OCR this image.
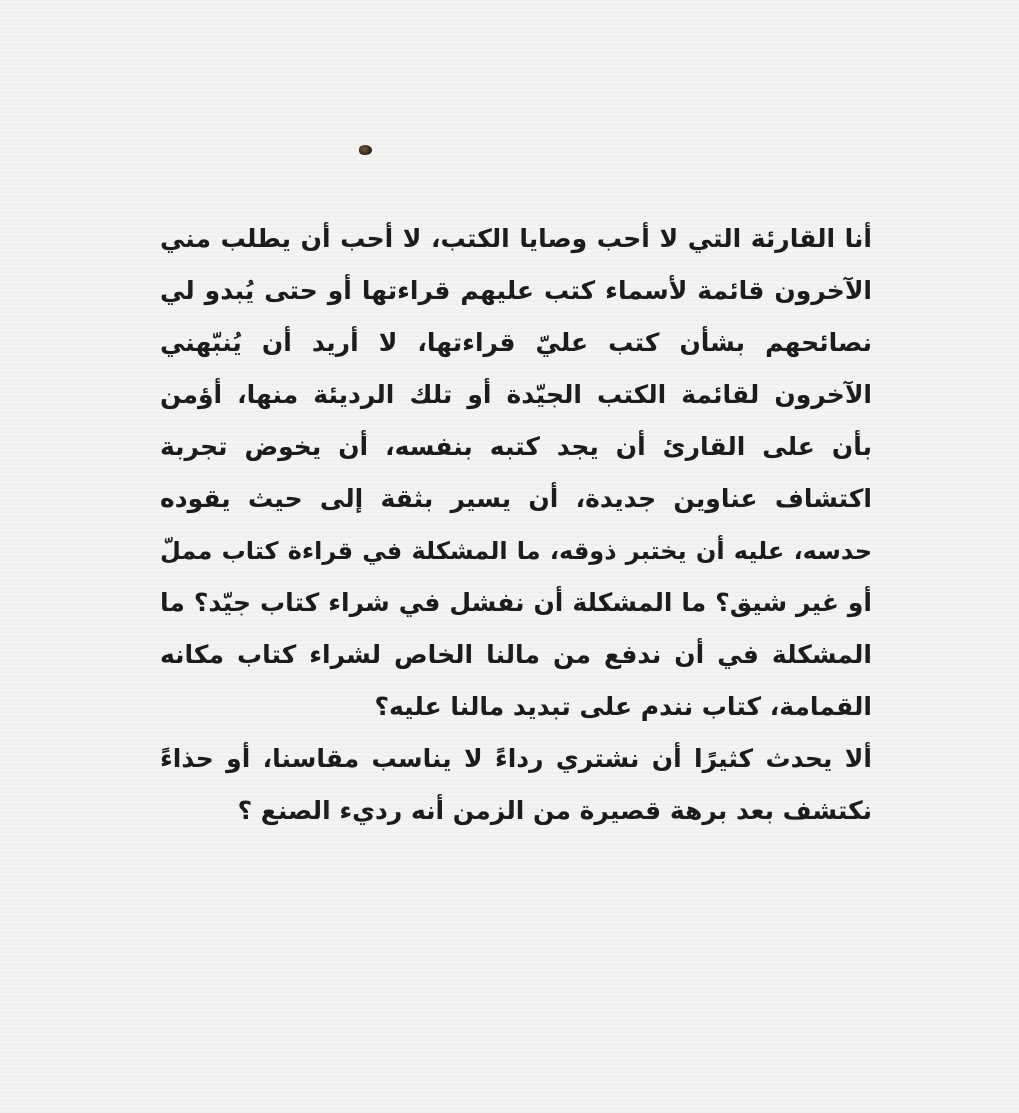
أنا القارئة التي لا أحب وصايا الكتب، لا أحب أن يطلب مني
الآخرون قائمة لأسماء كتب عليهم قراءتها أو حتى يُبدو لي
نصائحهم بشأن كتب عليّ قراءتها، لا أريد أن يُنبّهني
الآخرون لقائمة الكتب الجيّدة أو تلك الرديئة منها، أؤمن
بأن على القارئ أن يجد كتبه بنفسه، أن يخوض تجربة
اكتشاف عناوين جديدة، أن يسير بثقة إلى حيث يقوده
حدسه، عليه أن يختبر ذوقه، ما المشكلة في قراءة كتاب مملّ
أو غير شيق؟ ما المشكلة أن نفشل في شراء كتاب جيّد؟ ما
المشكلة في أن ندفع من مالنا الخاص لشراء كتاب مكانه
القمامة، كتاب نندم على تبديد مالنا عليه؟
ألا يحدث كثيرًا أن نشتري رداءً لا يناسب مقاسنا، أو حذاءً
نكتشف بعد برهة قصيرة من الزمن أنه رديء الصنع ؟
